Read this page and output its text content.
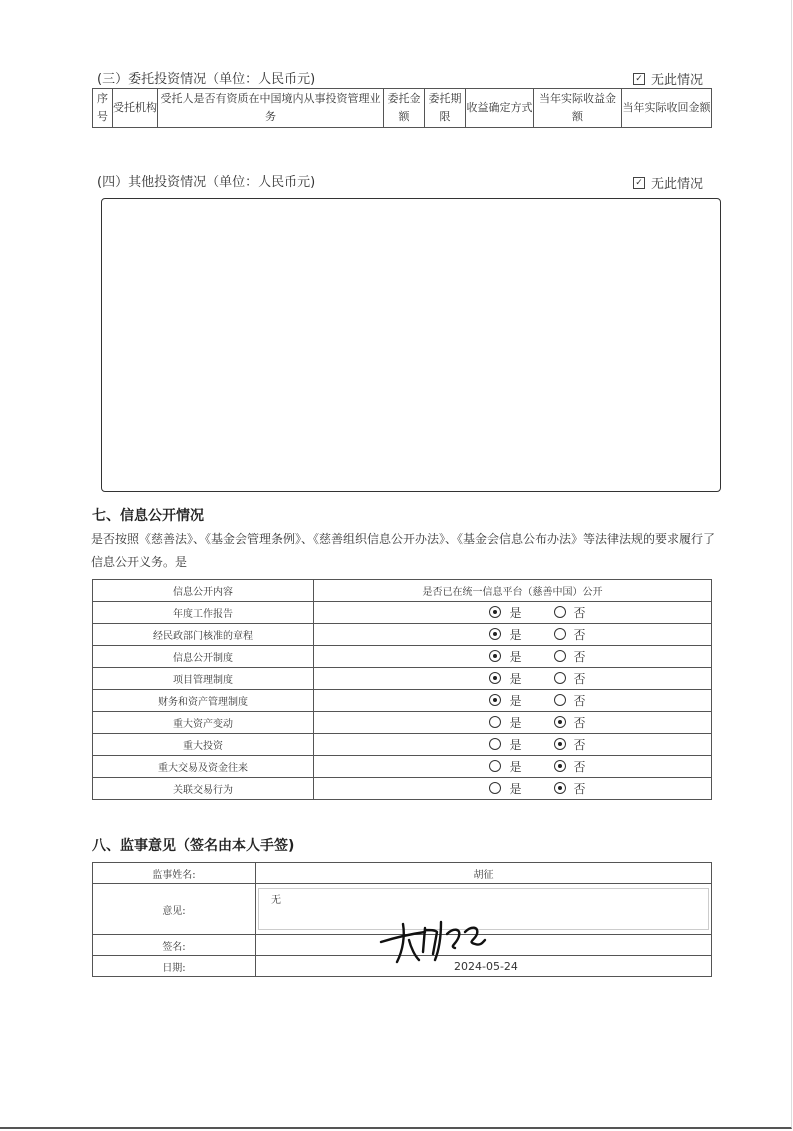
(三）委托投资情况（单位：人民币元)	✓ 无此情况
序号	受托机构	受托人是否有资质在中国境内从事投资管理业务	委托金额	委托期限	收益确定方式	当年实际收益金额	当年实际收回金额
(四）其他投资情况（单位：人民币元)	✓ 无此情况
七、信息公开情况
是否按照《慈善法》、《基金会管理条例》、《慈善组织信息公开办法》、《基金会信息公布办法》等法律法规的要求履行了信息公开义务。是
信息公开内容	是否已在统一信息平台（慈善中国）公开
年度工作报告	是 否

经民政部门核准的章程	是 否

信息公开制度	是 否

项目管理制度	是 否

财务和资产管理制度	是 否

重大资产变动	是 否

重大投资	是 否

重大交易及资金往来	是 否

关联交易行为	是 否
八、监事意见（签名由本人手签)
监事姓名:	胡征
意见:	无

签名:	
日期:	2024-05-24
